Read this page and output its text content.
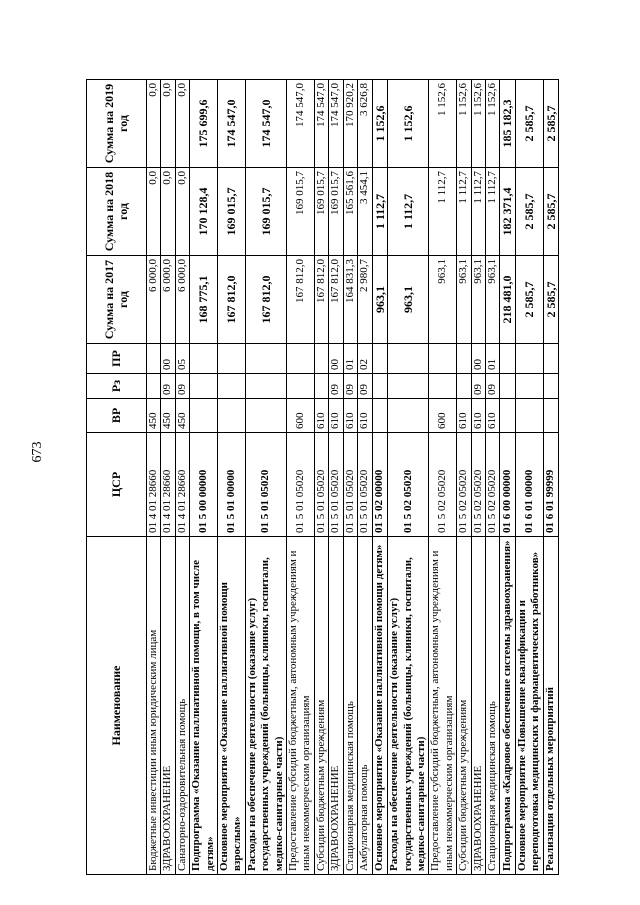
673
Наименование	ЦСР	ВР	Рз	ПР	Сумма на 2017 год	Сумма на 2018 год	Сумма на 2019 год
Бюджетные инвестиции иным юридическим лицам	01 4 01 28660	450			6 000,0	0,0	0,0
ЗДРАВООХРАНЕНИЕ	01 4 01 28660	450	09	00	6 000,0	0,0	0,0
Санаторно-оздоровительная помощь	01 4 01 28660	450	09	05	6 000,0	0,0	0,0
Подпрограмма «Оказание паллиативной помощи, в том числе детям»	01 5 00 00000				168 775,1	170 128,4	175 699,6
Основное мероприятие «Оказание паллиативной помощи взрослым»	01 5 01 00000				167 812,0	169 015,7	174 547,0
Расходы на обеспечение деятельности (оказание услуг) государственных учреждений (больницы, клиники, госпитали, медико-санитарные части)	01 5 01 05020				167 812,0	169 015,7	174 547,0
Предоставление субсидий бюджетным, автономным учреждениям и иным некоммерческим организациям	01 5 01 05020	600			167 812,0	169 015,7	174 547,0
Субсидии бюджетным учреждениям	01 5 01 05020	610			167 812,0	169 015,7	174 547,0
ЗДРАВООХРАНЕНИЕ	01 5 01 05020	610	09	00	167 812,0	169 015,7	174 547,0
Стационарная медицинская помощь	01 5 01 05020	610	09	01	164 831,3	165 561,6	170 920,2
Амбулаторная помощь	01 5 01 05020	610	09	02	2 980,7	3 454,1	3 626,8
Основное мероприятие «Оказание паллиативной помощи детям»	01 5 02 00000				963,1	1 112,7	1 152,6
Расходы на обеспечение деятельности (оказание услуг) государственных учреждений (больницы, клиники, госпитали, медико-санитарные части)	01 5 02 05020				963,1	1 112,7	1 152,6
Предоставление субсидий бюджетным, автономным учреждениям и иным некоммерческим организациям	01 5 02 05020	600			963,1	1 112,7	1 152,6
Субсидии бюджетным учреждениям	01 5 02 05020	610			963,1	1 112,7	1 152,6
ЗДРАВООХРАНЕНИЕ	01 5 02 05020	610	09	00	963,1	1 112,7	1 152,6
Стационарная медицинская помощь	01 5 02 05020	610	09	01	963,1	1 112,7	1 152,6
Подпрограмма «Кадровое обеспечение системы здравоохранения»	01 6 00 00000				218 481,0	182 371,4	185 182,3
Основное мероприятие «Повышение квалификации и переподготовка медицинских и фармацевтических работников»	01 6 01 00000				2 585,7	2 585,7	2 585,7
Реализация отдельных мероприятий	01 6 01 99999				2 585,7	2 585,7	2 585,7
